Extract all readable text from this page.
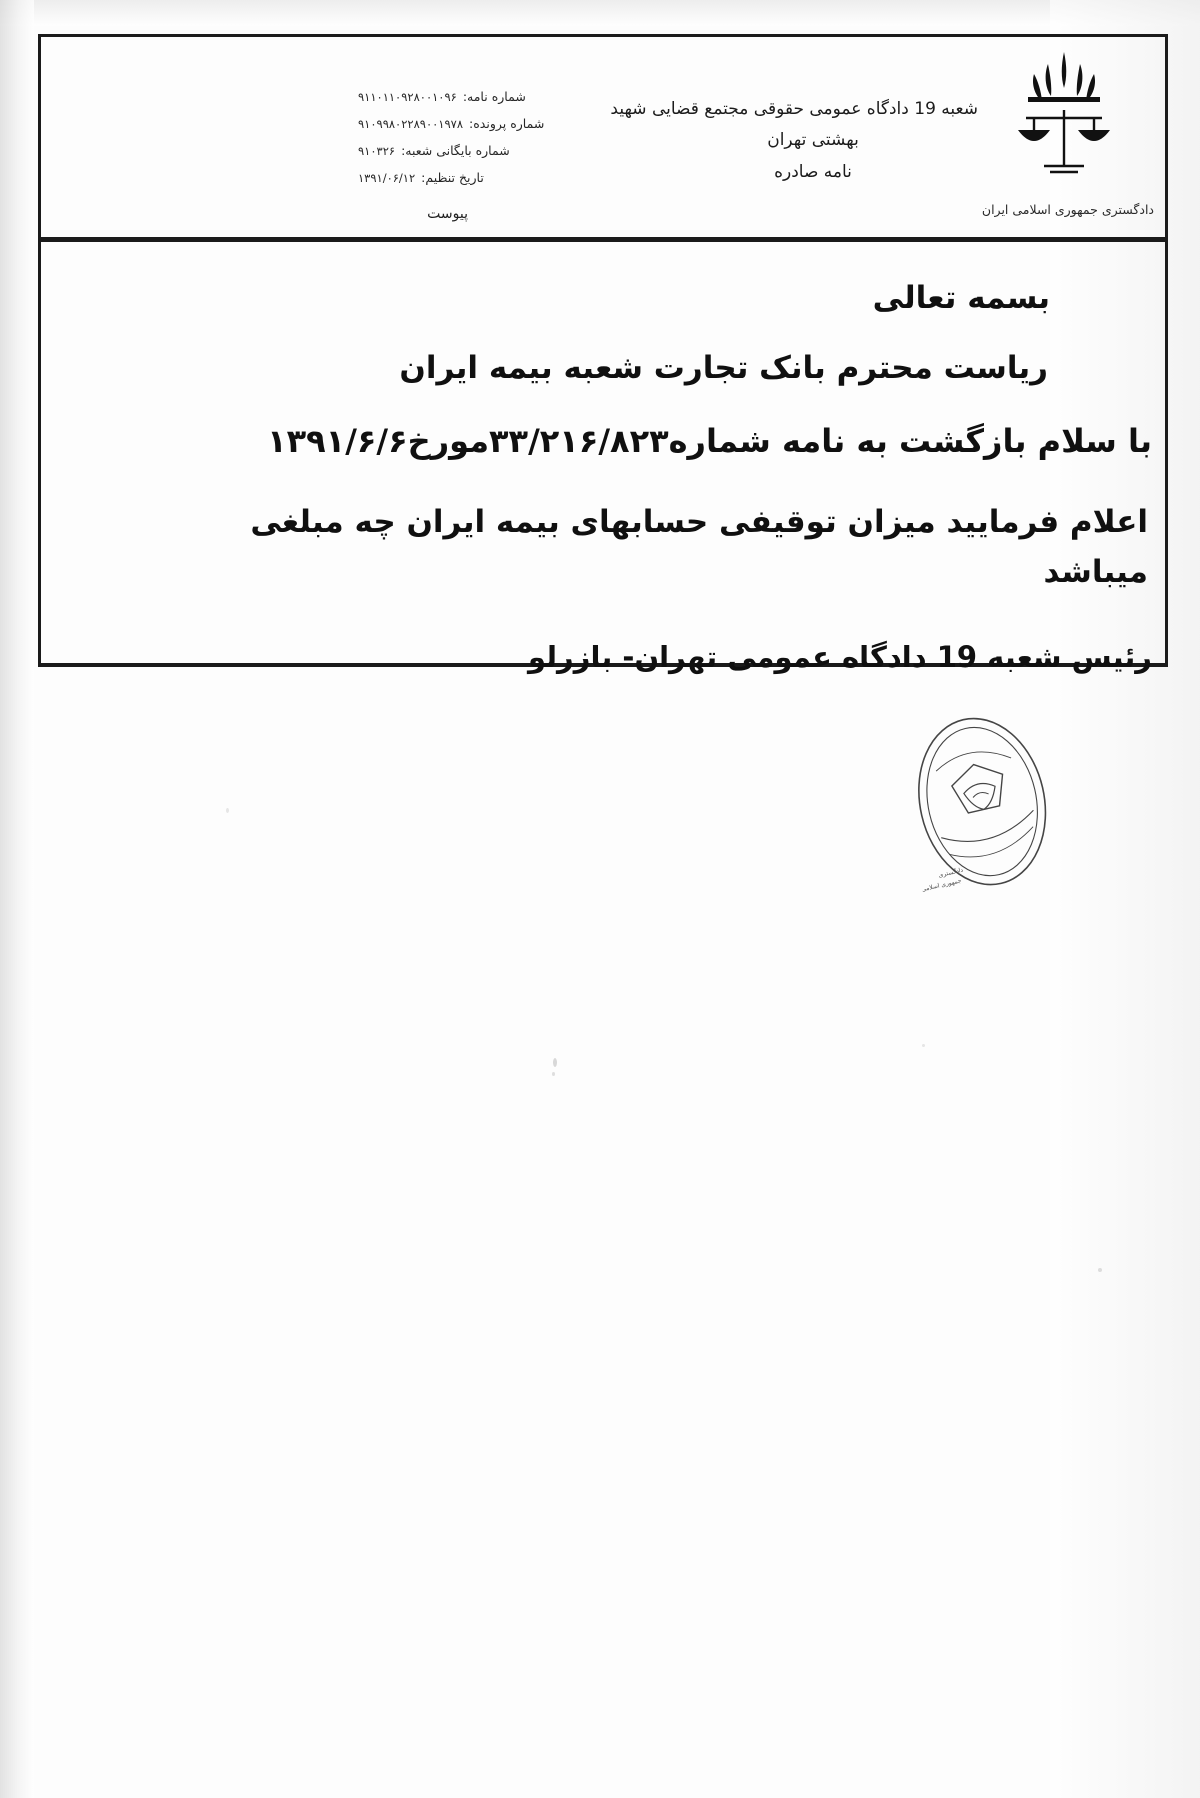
شعبه 19 دادگاه عمومی حقوقی مجتمع قضایی شهید
بهشتی تهران
نامه صادره
شماره نامه:۹۱۱۰۱۱۰۹۲۸۰۰۱۰۹۶
شماره پرونده:۹۱۰۹۹۸۰۲۲۸۹۰۰۱۹۷۸
شماره بایگانی شعبه:۹۱۰۳۲۶
تاریخ تنظیم:۱۳۹۱/۰۶/۱۲
پیوست	دادگستری جمهوری اسلامی ایران
بسمه تعالی
ریاست محترم بانک تجارت شعبه بیمه ایران
با سلام بازگشت به نامه شماره۳۳/۲۱۶/۸۲۳مورخ۱۳۹۱/۶/۶
اعلام فرمایید میزان توقیفی حسابهای بیمه ایران چه مبلغی
میباشد
رئیس شعبه 19 دادگاه عمومی تهران- بازرلو
دادگستری
جمهوری اسلامی
